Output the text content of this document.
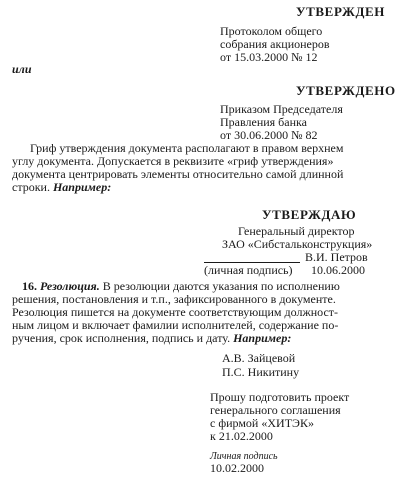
УТВЕРЖДЕН
Протоколом общего
собрания акционеров
от 15.03.2000 № 12
или
УТВЕРЖДЕНО
Приказом Председателя
Правления банка
от 30.06.2000 № 82
Гриф утверждения документа располагают в правом верхнем
углу документа. Допускается в реквизите «гриф утверждения»
документа центрировать элементы относительно самой длинной
строки. Например:
УТВЕРЖДАЮ
Генеральный директор
ЗАО «Сибстальконструкция»
В.И. Петров
(личная подпись) 10.06.2000
16. Резолюция. В резолюции даются указания по исполнению
решения, постановления и т.п., зафиксированного в документе.
Резолюция пишется на документе соответствующим должност-
ным лицом и включает фамилии исполнителей, содержание по-
ручения, срок исполнения, подпись и дату. Например:
А.В. Зайцевой
П.С. Никитину
Прошу подготовить проект
генерального соглашения
с фирмой «ХИТЭК»
к 21.02.2000
Личная подпись
10.02.2000
